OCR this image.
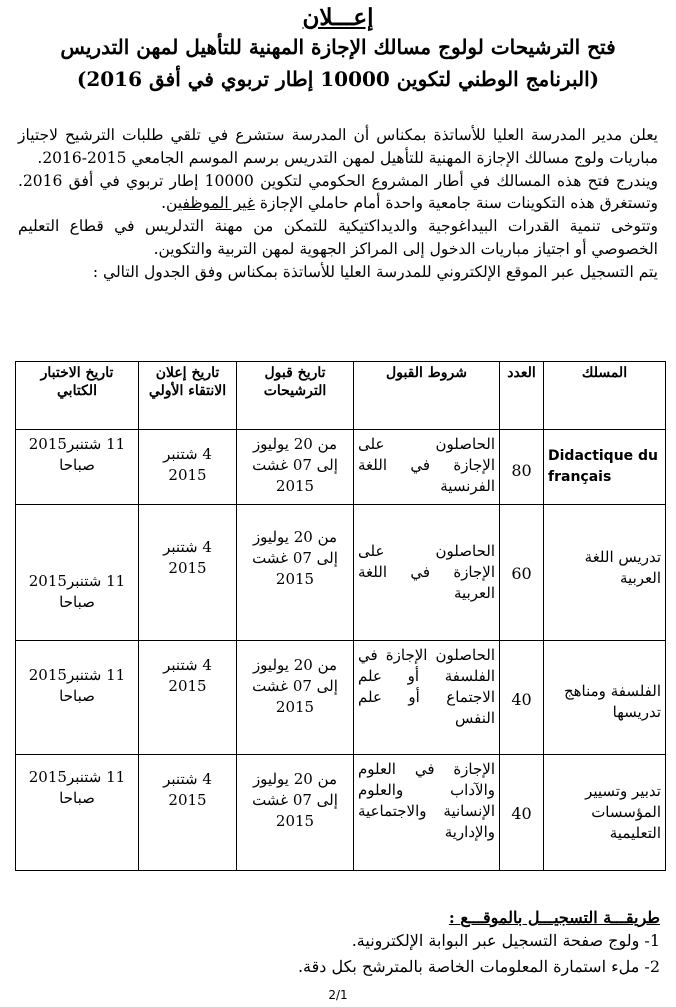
إعـــلان
فتح الترشيحات لولوج مسالك الإجازة المهنية للتأهيل لمهن التدريس
(البرنامج الوطني لتكوين 10000 إطار تربوي في أفق 2016)

يعلن مدير المدرسة العليا للأساتذة بمكناس أن المدرسة ستشرع في تلقي طلبات الترشيح لاجتياز مباريات ولوج مسالك الإجازة المهنية للتأهيل لمهن التدريس برسم الموسم الجامعي 2015-2016.

ويندرج فتح هذه المسالك في أطار المشروع الحكومي لتكوين 10000 إطار تربوي في أفق 2016. وتستغرق هذه التكوينات سنة جامعية واحدة أمام حاملي الإجازة غير الموظفين.

وتتوخى تنمية القدرات البيداغوجية والديداكتيكية للتمكن من مهنة التدلريس في قطاع التعليم الخصوصي أو اجتياز مباريات الدخول إلى المراكز الجهوية لمهن التربية والتكوين.

يتم التسجيل عبر الموقع الإلكتروني للمدرسة العليا للأساتذة بمكناس وفق الجدول التالي :

المسلك	العدد	شروط القبول	تاريخ قبول الترشيحات	تاريخ إعلان الانتقاء الأولي	تاريخ الاختبار الكتابي

Didactique du français	80	الحاصلون على الإجازة في اللغة الفرنسية	من 20 يوليوز إلى 07 غشت 2015	4 شتنبر 2015	11 شتنبر2015 صباحا
تدريس اللغة العربية	60	الحاصلون على الإجازة في اللغة العربية	من 20 يوليوز إلى 07 غشت 2015	4 شتنبر 2015	11 شتنبر2015 صباحا
الفلسفة ومناهج تدريسها	40	الحاصلون الإجازة في الفلسفة أو علم الاجتماع أو علم النفس	من 20 يوليوز إلى 07 غشت 2015	4 شتنبر 2015	11 شتنبر2015 صباحا
تدبير وتسيير المؤسسات التعليمية	40	الإجازة في العلوم والآداب والعلوم الإنسانية والاجتماعية والإدارية	من 20 يوليوز إلى 07 غشت 2015	4 شتنبر 2015	11 شتنبر2015 صباحا
طريقـــة التسجيـــل بالموقـــع :
1- ولوج صفحة التسجيل عبر البوابة الإلكترونية.
2- ملء استمارة المعلومات الخاصة بالمترشح بكل دقة.
2/1
